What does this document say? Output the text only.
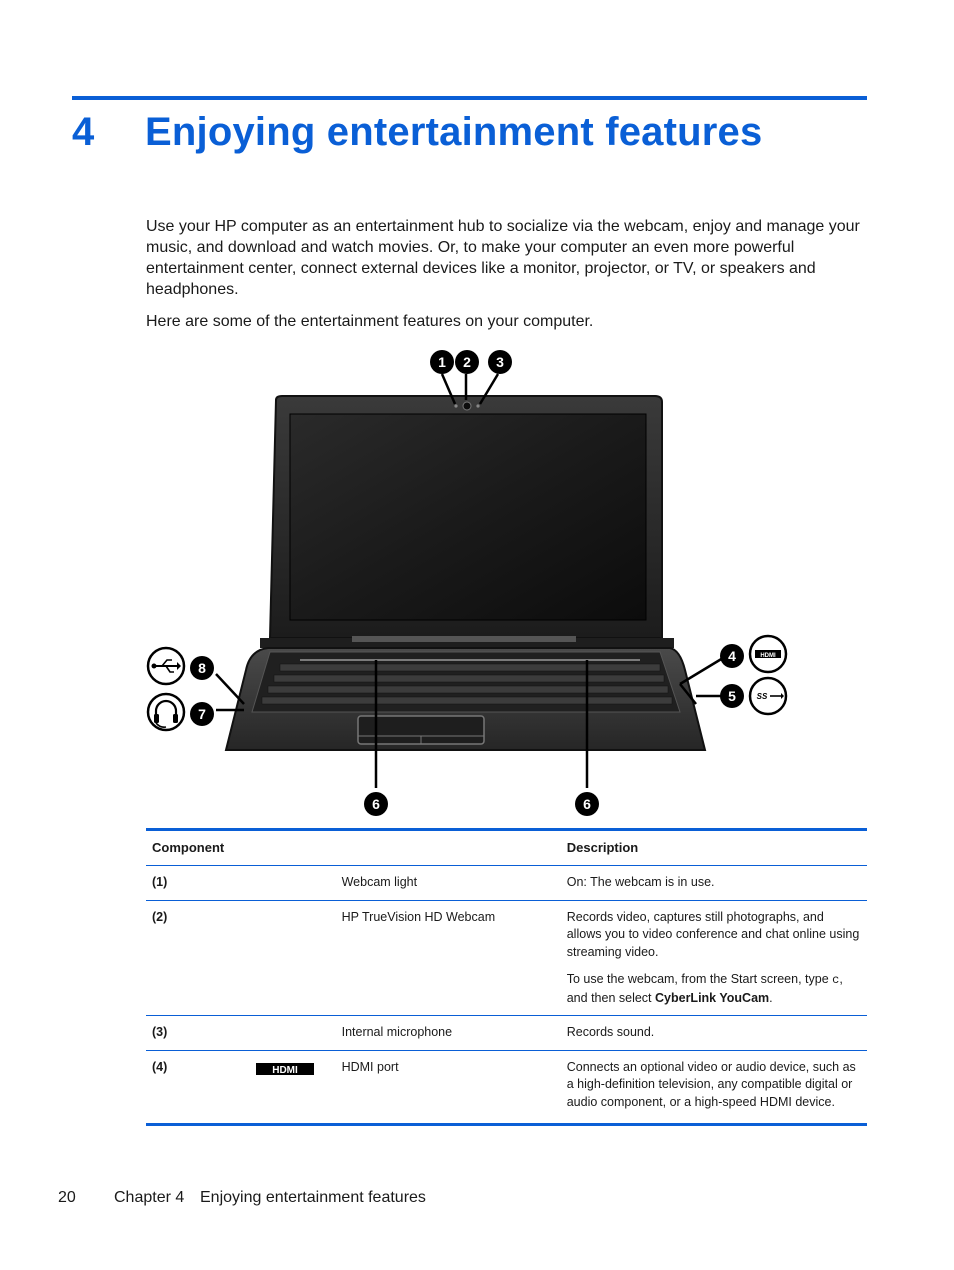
4	Enjoying entertainment features

Use your HP computer as an entertainment hub to socialize via the webcam, enjoy and manage your music, and download and watch movies. Or, to make your computer an even more powerful entertainment center, connect external devices like a monitor, projector, or TV, or speakers and headphones.

Here are some of the entertainment features on your computer.

1 2 3
4
5
6	6
7
8
HDMI
SS
Component			Description
(1)		Webcam light	On: The webcam is in use.
(2)		HP TrueVision HD Webcam	Records video, captures still photographs, and allows you to video conference and chat online using streaming video.

To use the webcam, from the Start screen, type c, and then select CyberLink YouCam.

(3)		Internal microphone	Records sound.
(4)	HDMI	HDMI port	Connects an optional video or audio device, such as a high-definition television, any compatible digital or audio component, or a high-speed HDMI device.
20	Chapter 4 Enjoying entertainment features
